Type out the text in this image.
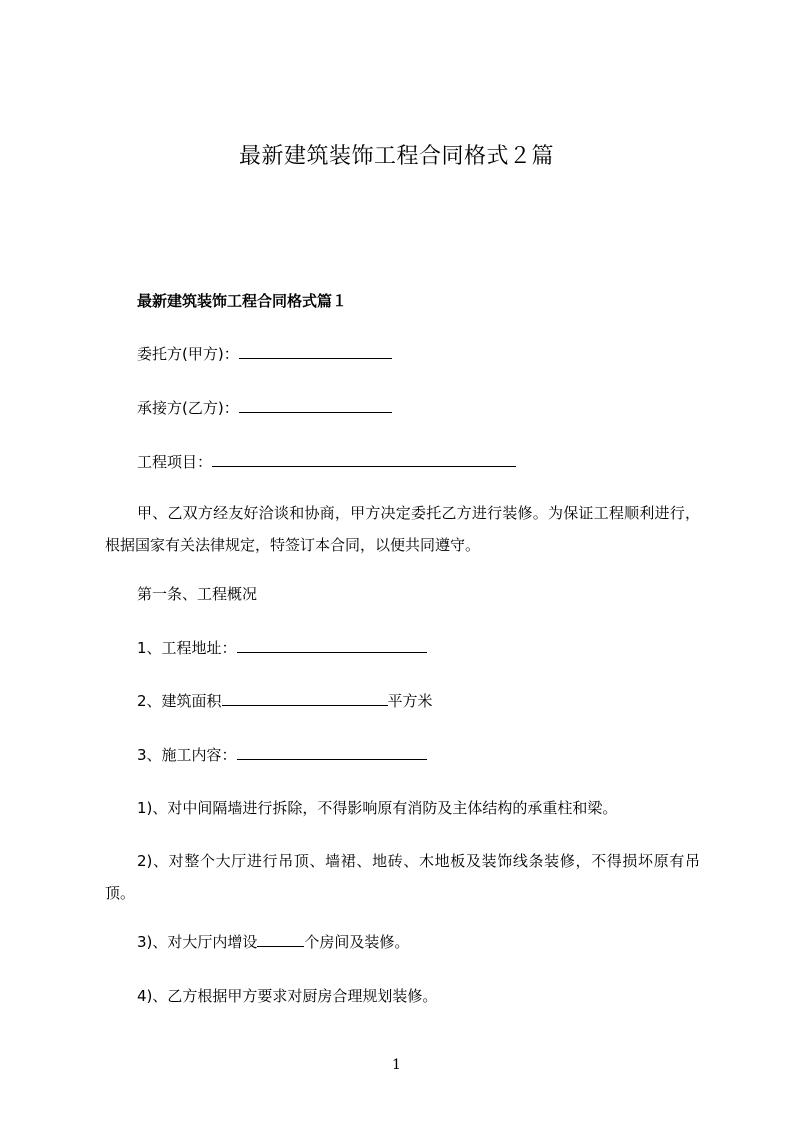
最新建筑装饰工程合同格式２篇
最新建筑装饰工程合同格式篇１
委托方(甲方)：
承接方(乙方)：
工程项目：
甲、乙双方经友好洽谈和协商，甲方决定委托乙方进行装修。为保证工程顺利进行，根据国家有关法律规定，特签订本合同，以便共同遵守。
第一条、工程概况
1、工程地址：
2、建筑面积	平方米
3、施工内容：
1)、对中间隔墙进行拆除，不得影响原有消防及主体结构的承重柱和梁。
2)、对整个大厅进行吊顶、墙裙、地砖、木地板及装饰线条装修，不得损坏原有吊顶。
3)、对大厅内增设	个房间及装修。
4)、乙方根据甲方要求对厨房合理规划装修。
1
